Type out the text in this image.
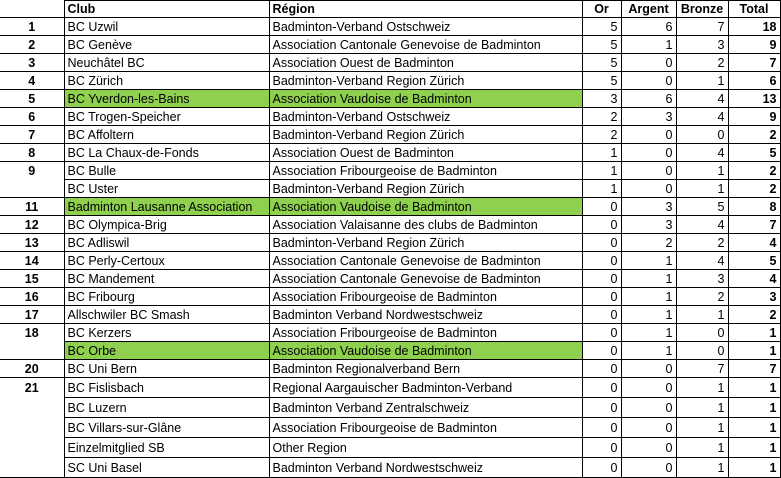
	Club	Région	Or	Argent	Bronze	Total
1	BC Uzwil	Badminton-Verband Ostschweiz	5	6	7	18
2	BC Genève	Association Cantonale Genevoise de Badminton	5	1	3	9
3	Neuchâtel BC	Association Ouest de Badminton	5	0	2	7
4	BC Zürich	Badminton-Verband Region Zürich	5	0	1	6
5	BC Yverdon-les-Bains	Association Vaudoise de Badminton	3	6	4	13
6	BC Trogen-Speicher	Badminton-Verband Ostschweiz	2	3	4	9
7	BC Affoltern	Badminton-Verband Region Zürich	2	0	0	2
8	BC La Chaux-de-Fonds	Association Ouest de Badminton	1	0	4	5
9	BC Bulle	Association Fribourgeoise de Badminton	1	0	1	2
	BC Uster	Badminton-Verband Region Zürich	1	0	1	2
11	Badminton Lausanne Association	Association Vaudoise de Badminton	0	3	5	8
12	BC Olympica-Brig	Association Valaisanne des clubs de Badminton	0	3	4	7
13	BC Adliswil	Badminton-Verband Region Zürich	0	2	2	4
14	BC Perly-Certoux	Association Cantonale Genevoise de Badminton	0	1	4	5
15	BC Mandement	Association Cantonale Genevoise de Badminton	0	1	3	4
16	BC Fribourg	Association Fribourgeoise de Badminton	0	1	2	3
17	Allschwiler BC Smash	Badminton Verband Nordwestschweiz	0	1	1	2
18	BC Kerzers	Association Fribourgeoise de Badminton	0	1	0	1
	BC Orbe	Association Vaudoise de Badminton	0	1	0	1
20	BC Uni Bern	Badminton Regionalverband Bern	0	0	7	7
21	BC Fislisbach	Regional Aargauischer Badminton-Verband	0	0	1	1
	BC Luzern	Badminton Verband Zentralschweiz	0	0	1	1
	BC Villars-sur-Glâne	Association Fribourgeoise de Badminton	0	0	1	1
	Einzelmitglied SB	Other Region	0	0	1	1
	SC Uni Basel	Badminton Verband Nordwestschweiz	0	0	1	1
